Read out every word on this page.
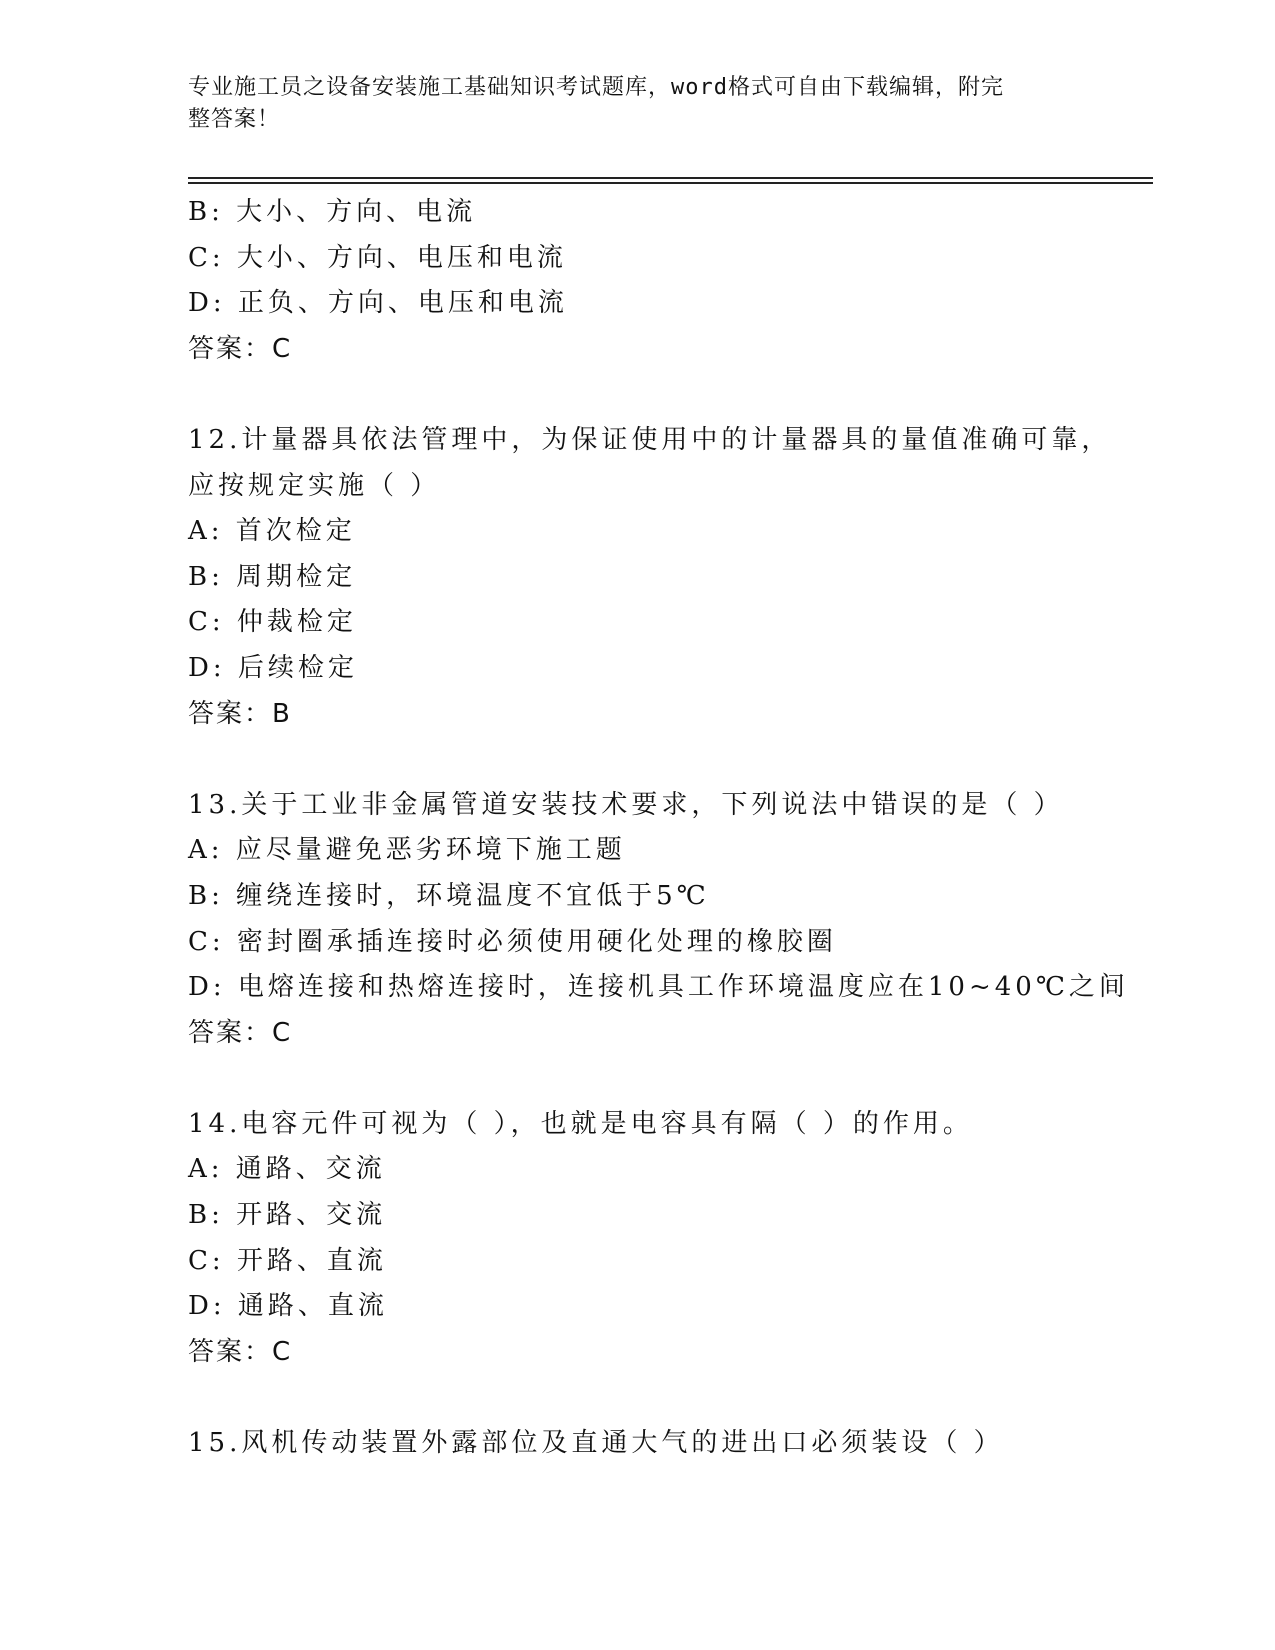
专业施工员之设备安装施工基础知识考试题库，word格式可自由下载编辑，附完
整答案！
B: 大小、方向、电流
C: 大小、方向、电压和电流
D: 正负、方向、电压和电流
答案：C
12.计量器具依法管理中，为保证使用中的计量器具的量值准确可靠，
应按规定实施（ ）
A: 首次检定
B: 周期检定
C: 仲裁检定
D: 后续检定
答案：B
13.关于工业非金属管道安装技术要求，下列说法中错误的是（ ）
A: 应尽量避免恶劣环境下施工题
B: 缠绕连接时，环境温度不宜低于5℃
C: 密封圈承插连接时必须使用硬化处理的橡胶圈
D: 电熔连接和热熔连接时，连接机具工作环境温度应在10~40℃之间
答案：C
14.电容元件可视为（ ），也就是电容具有隔（ ）的作用。
A: 通路、交流
B: 开路、交流
C: 开路、直流
D: 通路、直流
答案：C
15.风机传动装置外露部位及直通大气的进出口必须装设（ ）
